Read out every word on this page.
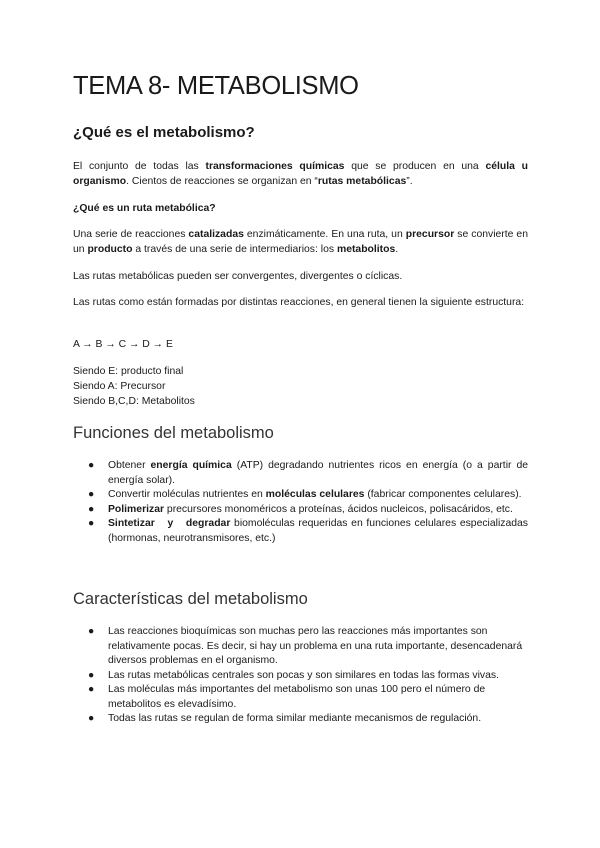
TEMA 8- METABOLISMO
¿Qué es el metabolismo?
El conjunto de todas las transformaciones químicas que se producen en una célula u organismo. Cientos de reacciones se organizan en “rutas metabólicas”.
¿Qué es un ruta metabólica?
Una serie de reacciones catalizadas enzimáticamente. En una ruta, un precursor se convierte en un producto a través de una serie de intermediarios: los metabolitos.
Las rutas metabólicas pueden ser convergentes, divergentes o cíclicas.
Las rutas como están formadas por distintas reacciones, en general tienen la siguiente estructura:
A → B → C → D → E
Siendo E: producto final
Siendo A: Precursor
Siendo B,C,D: Metabolitos
Funciones del metabolismo
● Obtener energía química (ATP) degradando nutrientes ricos en energía (o a partir de energía solar).
● Convertir moléculas nutrientes en moléculas celulares (fabricar componentes celulares).
● Polimerizar precursores monoméricos a proteínas, ácidos nucleicos, polisacáridos, etc.
● Sintetizar y degradar biomoléculas requeridas en funciones celulares especializadas (hormonas, neurotransmisores, etc.)
Características del metabolismo
● Las reacciones bioquímicas son muchas pero las reacciones más importantes son relativamente pocas. Es decir, si hay un problema en una ruta importante, desencadenará diversos problemas en el organismo.
● Las rutas metabólicas centrales son pocas y son similares en todas las formas vivas.
● Las moléculas más importantes del metabolismo son unas 100 pero el número de metabolitos es elevadísimo.
● Todas las rutas se regulan de forma similar mediante mecanismos de regulación.
